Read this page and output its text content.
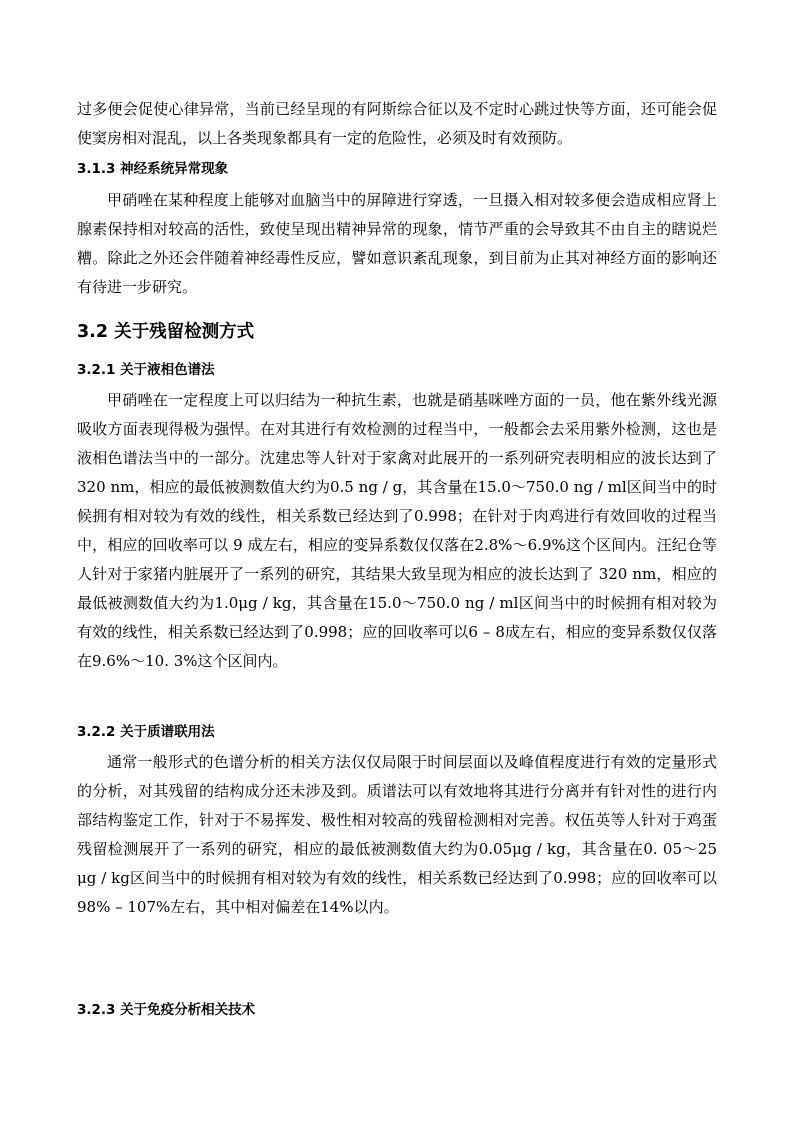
过多便会促使心律异常，当前已经呈现的有阿斯综合征以及不定时心跳过快等方面，还可能会促使窦房相对混乱，以上各类现象都具有一定的危险性，必须及时有效预防。

3.1.3 神经系统异常现象

甲硝唑在某种程度上能够对血脑当中的屏障进行穿透，一旦摄入相对较多便会造成相应肾上腺素保持相对较高的活性，致使呈现出精神异常的现象，情节严重的会导致其不由自主的瞎说烂糟。除此之外还会伴随着神经毒性反应，譬如意识紊乱现象，到目前为止其对神经方面的影响还有待进一步研究。

3.2 关于残留检测方式
3.2.1 关于液相色谱法

甲硝唑在一定程度上可以归结为一种抗生素，也就是硝基咪唑方面的一员，他在紫外线光源吸收方面表现得极为强悍。在对其进行有效检测的过程当中，一般都会去采用紫外检测，这也是液相色谱法当中的一部分。沈建忠等人针对于家禽对此展开的一系列研究表明相应的波长达到了 320 nm，相应的最低被测数值大约为0.5 ng / g，其含量在15.0～750.0 ng / ml区间当中的时候拥有相对较为有效的线性，相关系数已经达到了0.998；在针对于肉鸡进行有效回收的过程当中，相应的回收率可以 9 成左右，相应的变异系数仅仅落在2.8%～6.9%这个区间内。汪纪仓等人针对于家猪内脏展开了一系列的研究，其结果大致呈现为相应的波长达到了 320 nm，相应的最低被测数值大约为1.0μg / kg，其含量在15.0～750.0 ng / ml区间当中的时候拥有相对较为有效的线性，相关系数已经达到了0.998；应的回收率可以6 – 8成左右，相应的变异系数仅仅落在9.6%～10. 3%这个区间内。

3.2.2 关于质谱联用法

通常一般形式的色谱分析的相关方法仅仅局限于时间层面以及峰值程度进行有效的定量形式的分析，对其残留的结构成分还未涉及到。质谱法可以有效地将其进行分离并有针对性的进行内部结构鉴定工作，针对于不易挥发、极性相对较高的残留检测相对完善。权伍英等人针对于鸡蛋残留检测展开了一系列的研究，相应的最低被测数值大约为0.05μg / kg，其含量在0. 05～25 μg / kg区间当中的时候拥有相对较为有效的线性，相关系数已经达到了0.998；应的回收率可以98% – 107%左右，其中相对偏差在14%以内。

3.2.3 关于免疫分析相关技术
